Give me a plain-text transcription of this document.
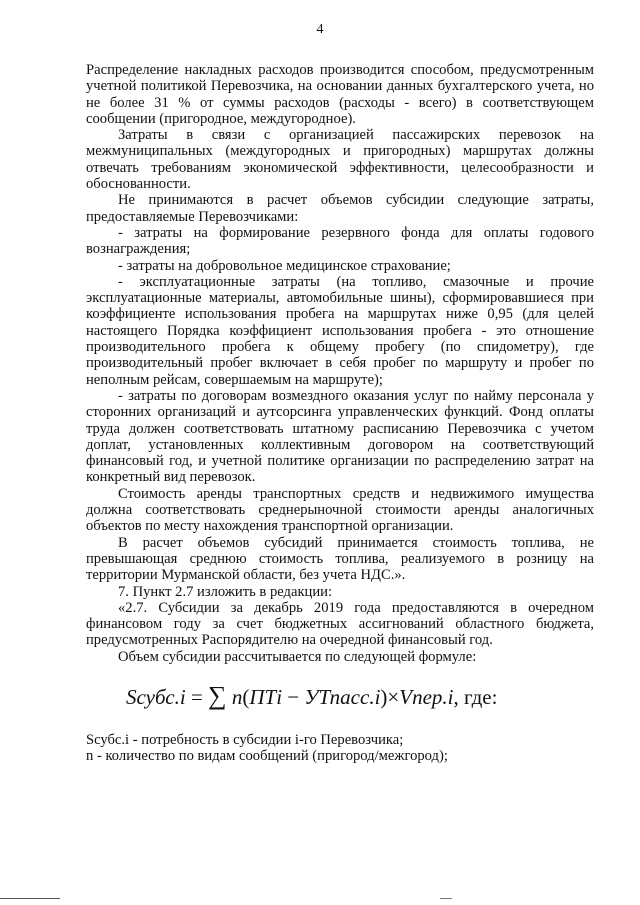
4

Распределение накладных расходов производится способом, предусмотренным учетной политикой Перевозчика, на основании данных бухгалтерского учета, но не более 31 % от суммы расходов (расходы - всего) в соответствующем сообщении (пригородное, междугородное).

Затраты в связи с организацией пассажирских перевозок на межмуниципальных (междугородных и пригородных) маршрутах должны отвечать требованиям экономической эффективности, целесообразности и обоснованности.

Не принимаются в расчет объемов субсидии следующие затраты, предоставляемые Перевозчиками:

- затраты на формирование резервного фонда для оплаты годового вознаграждения;

- затраты на добровольное медицинское страхование;

- эксплуатационные затраты (на топливо, смазочные и прочие эксплуатационные материалы, автомобильные шины), сформировавшиеся при коэффициенте использования пробега на маршрутах ниже 0,95 (для целей настоящего Порядка коэффициент использования пробега - это отношение производительного пробега к общему пробегу (по спидометру), где производительный пробег включает в себя пробег по маршруту и пробег по неполным рейсам, совершаемым на маршруте);

- затраты по договорам возмездного оказания услуг по найму персонала у сторонних организаций и аутсорсинга управленческих функций. Фонд оплаты труда должен соответствовать штатному расписанию Перевозчика с учетом доплат, установленных коллективным договором на соответствующий финансовый год, и учетной политике организации по распределению затрат на конкретный вид перевозок.

Стоимость аренды транспортных средств и недвижимого имущества должна соответствовать среднерыночной стоимости аренды аналогичных объектов по месту нахождения транспортной организации.

В расчет объемов субсидий принимается стоимость топлива, не превышающая среднюю стоимость топлива, реализуемого в розницу на территории Мурманской области, без учета НДС.».

7. Пункт 2.7 изложить в редакции:

«2.7. Субсидии за декабрь 2019 года предоставляются в очередном финансовом году за счет бюджетных ассигнований областного бюджета, предусмотренных Распорядителю на очередной финансовый год.

Объем субсидии рассчитывается по следующей формуле:

Sсубс.i = ∑ n(ПТi − УТпасс.i)×Vпер.i, где:

Sсубс.i - потребность в субсидии i-го Перевозчика;

n - количество по видам сообщений (пригород/межгород);
